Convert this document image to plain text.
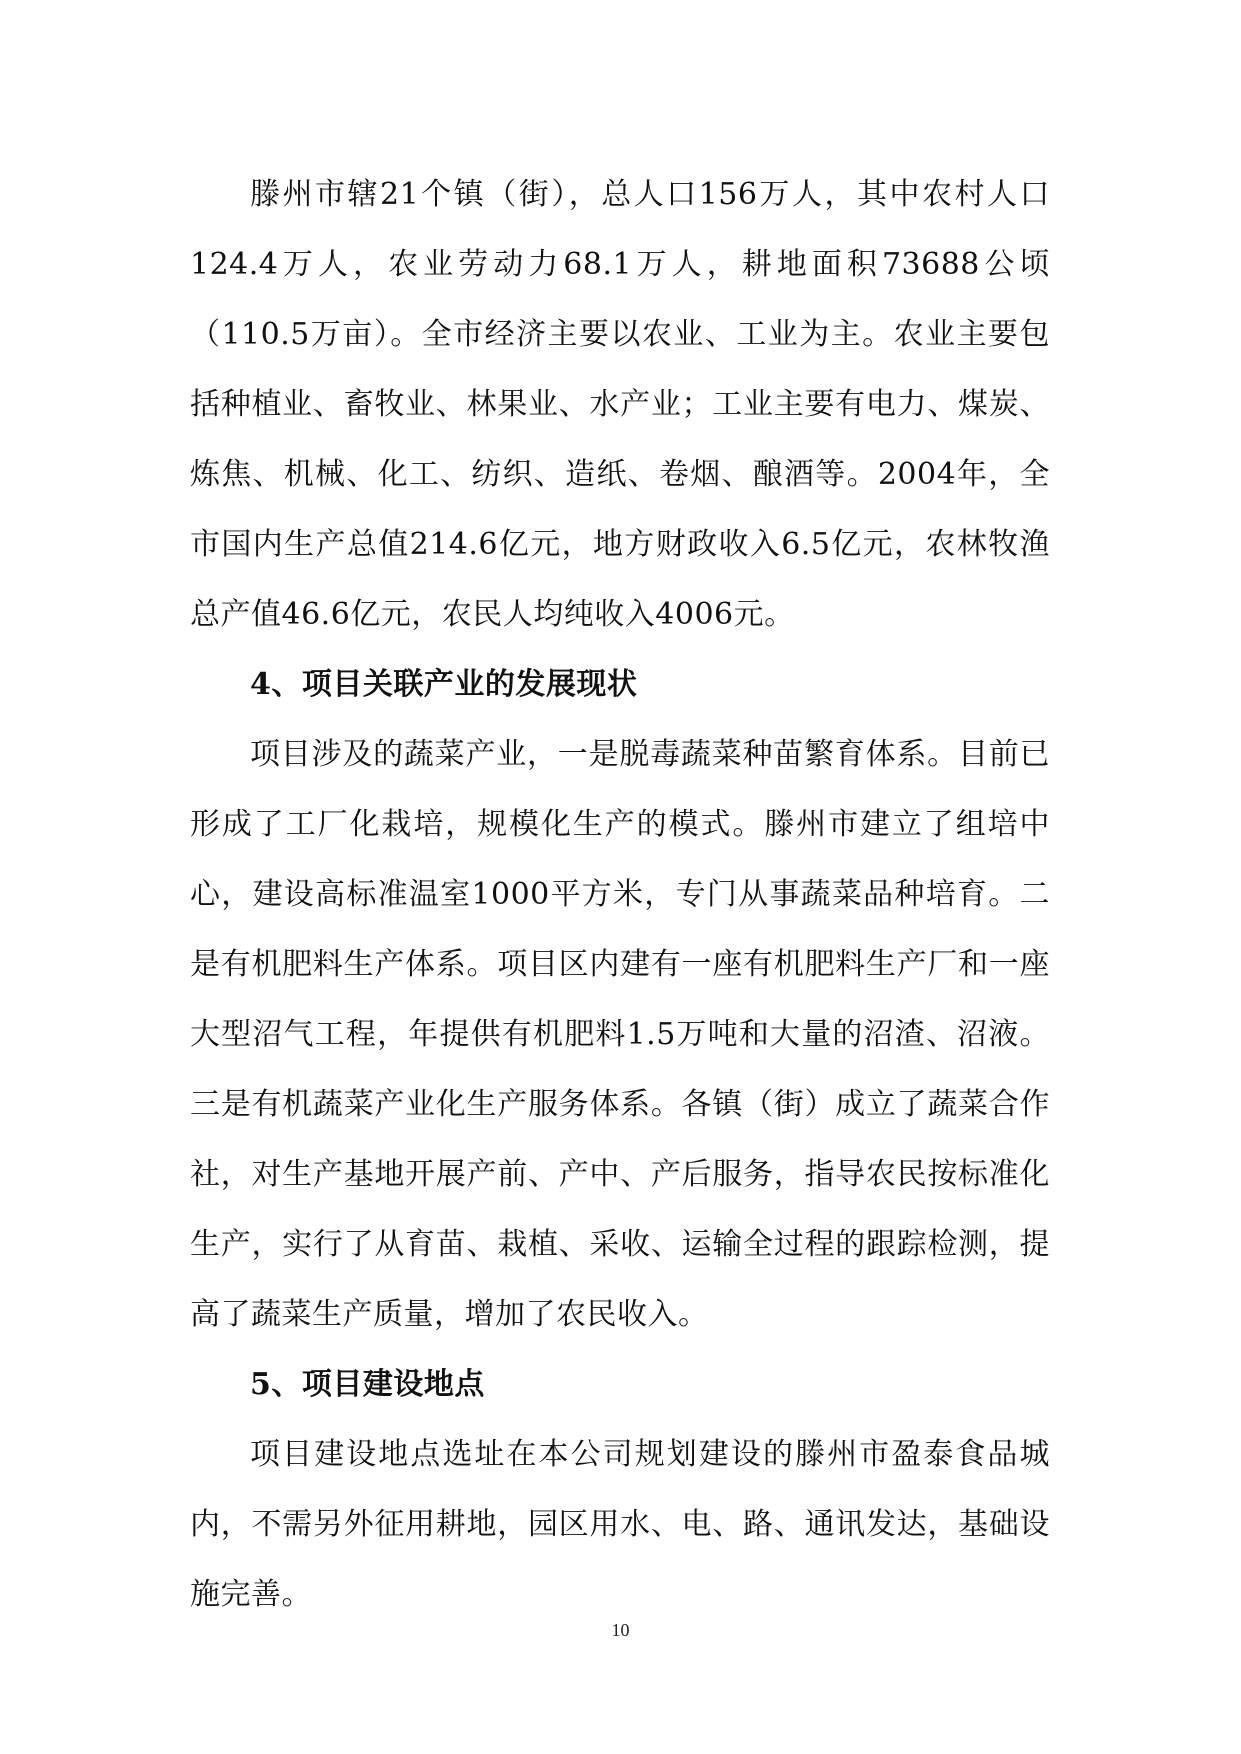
滕州市辖21个镇（街），总人口156万人，其中农村人口124.4万人，农业劳动力68.1万人，耕地面积73688公顷（110.5万亩）。全市经济主要以农业、工业为主。农业主要包括种植业、畜牧业、林果业、水产业；工业主要有电力、煤炭、炼焦、机械、化工、纺织、造纸、卷烟、酿酒等。2004年，全市国内生产总值214.6亿元，地方财政收入6.5亿元，农林牧渔总产值46.6亿元，农民人均纯收入4006元。

4、项目关联产业的发展现状

项目涉及的蔬菜产业，一是脱毒蔬菜种苗繁育体系。目前已形成了工厂化栽培，规模化生产的模式。滕州市建立了组培中心，建设高标准温室1000平方米，专门从事蔬菜品种培育。二是有机肥料生产体系。项目区内建有一座有机肥料生产厂和一座大型沼气工程，年提供有机肥料1.5万吨和大量的沼渣、沼液。三是有机蔬菜产业化生产服务体系。各镇（街）成立了蔬菜合作社，对生产基地开展产前、产中、产后服务，指导农民按标准化生产，实行了从育苗、栽植、采收、运输全过程的跟踪检测，提高了蔬菜生产质量，增加了农民收入。

5、项目建设地点

项目建设地点选址在本公司规划建设的滕州市盈泰食品城内，不需另外征用耕地，园区用水、电、路、通讯发达，基础设施完善。

10
